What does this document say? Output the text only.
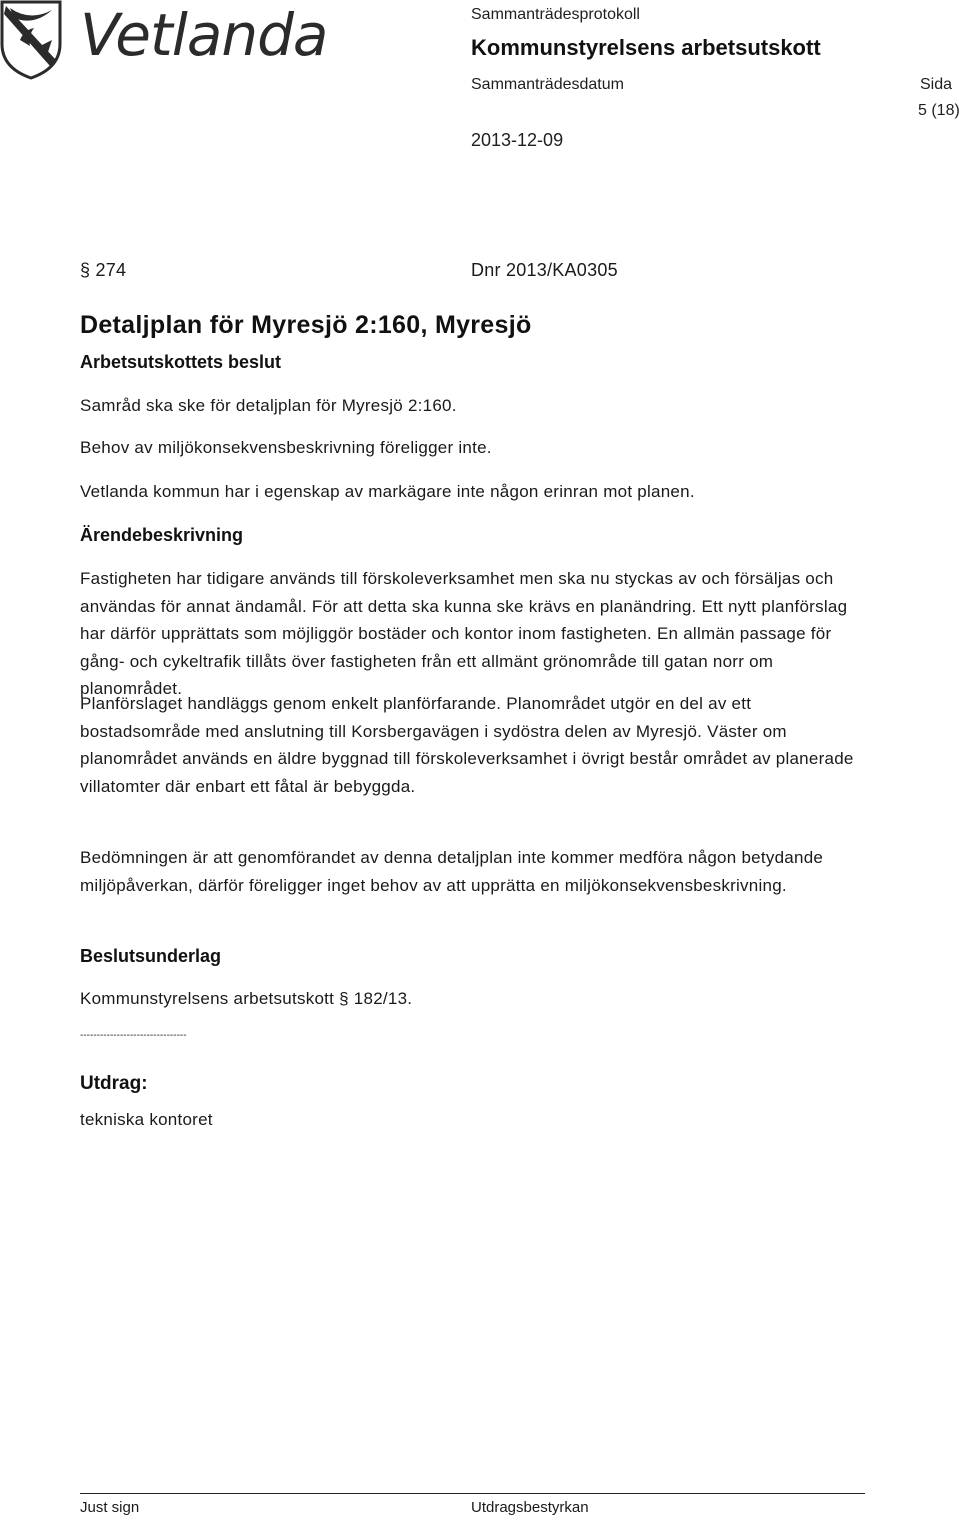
Vetlanda	Sammanträdesprotokoll
Kommunstyrelsens arbetsutskott
Sammanträdesdatum	Sida
5 (18)
2013-12-09
§ 274	Dnr 2013/KA0305
Detaljplan för Myresjö 2:160, Myresjö
Arbetsutskottets beslut
Samråd ska ske för detaljplan för Myresjö 2:160.
Behov av miljökonsekvensbeskrivning föreligger inte.
Vetlanda kommun har i egenskap av markägare inte någon erinran mot planen.
Ärendebeskrivning
Fastigheten har tidigare används till förskoleverksamhet men ska nu styckas av och försäljas och användas för annat ändamål. För att detta ska kunna ske krävs en planändring. Ett nytt planförslag har därför upprättats som möjliggör bostäder och kontor inom fastigheten. En allmän passage för gång- och cykeltrafik tillåts över fastigheten från ett allmänt grönområde till gatan norr om planområdet.
Planförslaget handläggs genom enkelt planförfarande. Planområdet utgör en del av ett bostadsområde med anslutning till Korsbergavägen i sydöstra delen av Myresjö. Väster om planområdet används en äldre byggnad till förskoleverksamhet i övrigt består området av planerade villatomter där enbart ett fåtal är bebyggda.
Bedömningen är att genomförandet av denna detaljplan inte kommer medföra någon betydande miljöpåverkan, därför föreligger inget behov av att upprätta en miljökonsekvensbeskrivning.
Beslutsunderlag
Kommunstyrelsens arbetsutskott § 182/13.
--------------------------------
Utdrag:
tekniska kontoret
Just sign	Utdragsbestyrkan
